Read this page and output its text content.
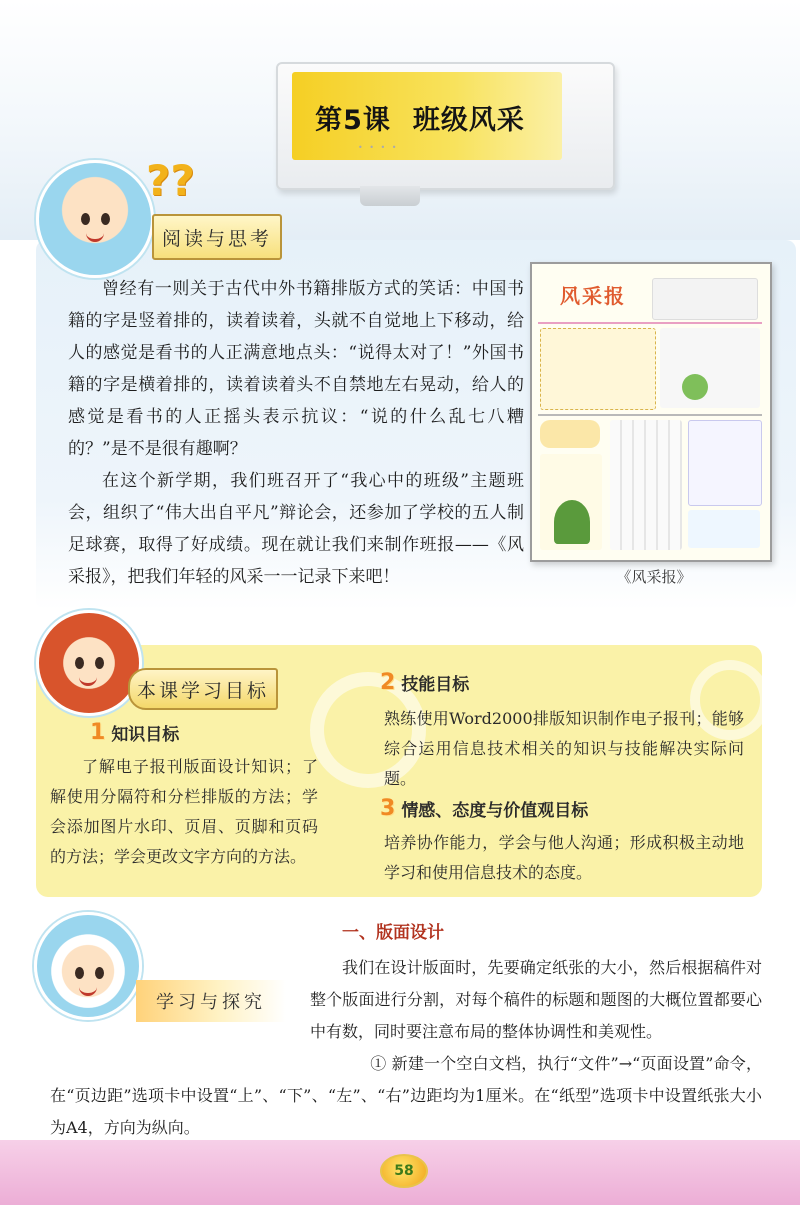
第5课 班级风采
• • • •
??
阅读与思考

曾经有一则关于古代中外书籍排版方式的笑话：中国书籍的字是竖着排的，读着读着，头就不自觉地上下移动，给人的感觉是看书的人正满意地点头：“说得太对了！”外国书籍的字是横着排的，读着读着头不自禁地左右晃动，给人的感觉是看书的人正摇头表示抗议：“说的什么乱七八糟的？”是不是很有趣啊？

在这个新学期，我们班召开了“我心中的班级”主题班会，组织了“伟大出自平凡”辩论会，还参加了学校的五人制足球赛，取得了好成绩。现在就让我们来制作班报——《风采报》，把我们年轻的风采一一记录下来吧！

风采报
《风采报》
本课学习目标
1 知识目标
了解电子报刊版面设计知识；了解使用分隔符和分栏排版的方法；学会添加图片水印、页眉、页脚和页码的方法；学会更改文字方向的方法。
2 技能目标
熟练使用Word2000排版知识制作电子报刊；能够综合运用信息技术相关的知识与技能解决实际问题。
3 情感、态度与价值观目标
培养协作能力，学会与他人沟通；形成积极主动地学习和使用信息技术的态度。
学习与探究
一、版面设计
我们在设计版面时，先要确定纸张的大小，然后根据稿件对整个版面进行分割，对每个稿件的标题和题图的大概位置都要心中有数，同时要注意布局的整体协调性和美观性。
① 新建一个空白文档，执行“文件”→“页面设置”命令，在“页边距”选项卡中设置“上”、“下”、“左”、“右”边距均为1厘米。在“纸型”选项卡中设置纸张大小为A4，方向为纵向。
58
